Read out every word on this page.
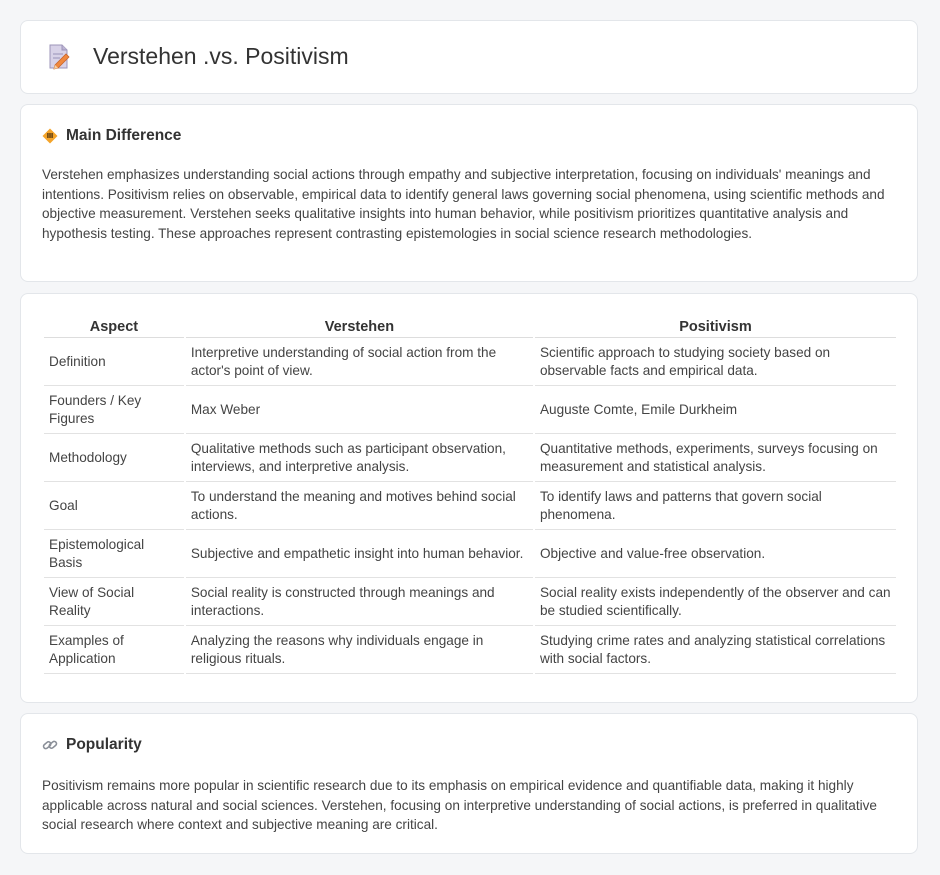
Verstehen .vs. Positivism
Main Difference

Verstehen emphasizes understanding social actions through empathy and subjective interpretation, focusing on individuals' meanings and intentions. Positivism relies on observable, empirical data to identify general laws governing social phenomena, using scientific methods and objective measurement. Verstehen seeks qualitative insights into human behavior, while positivism prioritizes quantitative analysis and hypothesis testing. These approaches represent contrasting epistemologies in social science research methodologies.

Aspect	Verstehen	Positivism
Definition	Interpretive understanding of social action from the actor's point of view.	Scientific approach to studying society based on observable facts and empirical data.
Founders / Key Figures	Max Weber	Auguste Comte, Emile Durkheim
Methodology	Qualitative methods such as participant observation, interviews, and interpretive analysis.	Quantitative methods, experiments, surveys focusing on measurement and statistical analysis.
Goal	To understand the meaning and motives behind social actions.	To identify laws and patterns that govern social phenomena.
Epistemological Basis	Subjective and empathetic insight into human behavior.	Objective and value-free observation.
View of Social Reality	Social reality is constructed through meanings and interactions.	Social reality exists independently of the observer and can be studied scientifically.
Examples of Application	Analyzing the reasons why individuals engage in religious rituals.	Studying crime rates and analyzing statistical correlations with social factors.
Popularity

Positivism remains more popular in scientific research due to its emphasis on empirical evidence and quantifiable data, making it highly applicable across natural and social sciences. Verstehen, focusing on interpretive understanding of social actions, is preferred in qualitative social research where context and subjective meaning are critical.
